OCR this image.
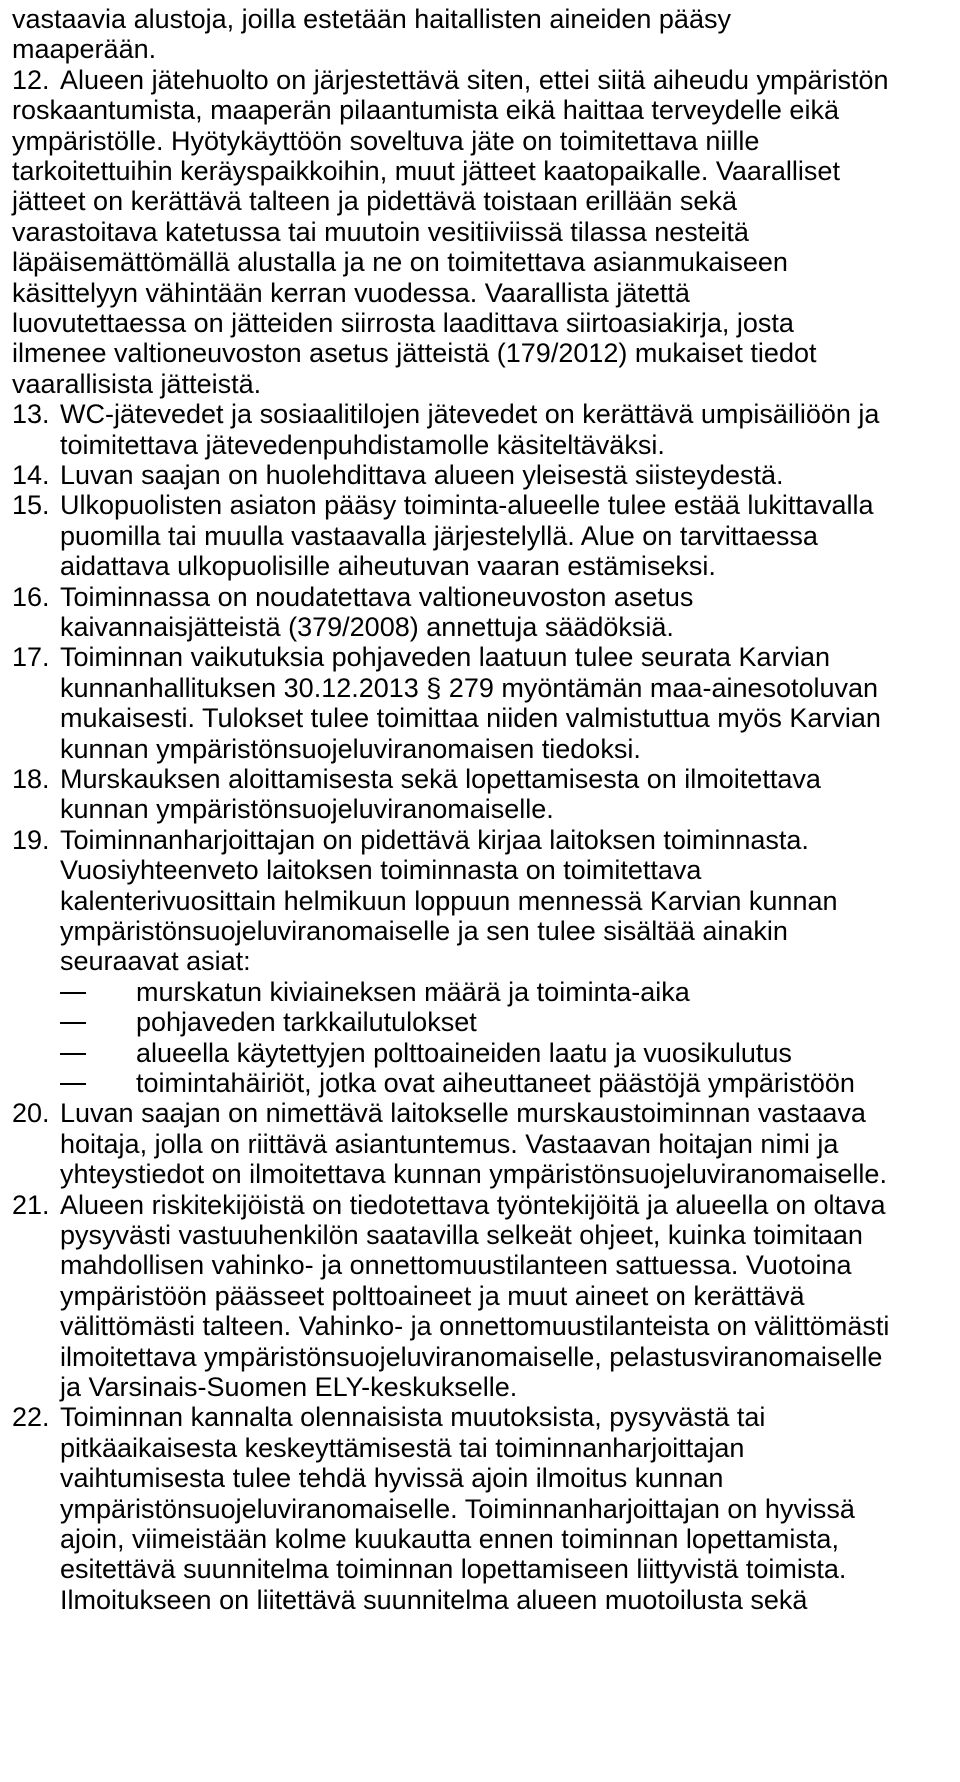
vastaavia alustoja, joilla estetään haitallisten aineiden pääsy
maaperään.
12. Alueen jätehuolto on järjestettävä siten, ettei siitä aiheudu ympäristön
roskaantumista, maaperän pilaantumista eikä haittaa terveydelle eikä
ympäristölle. Hyötykäyttöön soveltuva jäte on toimitettava niille
tarkoitettuihin keräyspaikkoihin, muut jätteet kaatopaikalle. Vaaralliset
jätteet on kerättävä talteen ja pidettävä toistaan erillään sekä
varastoitava katetussa tai muutoin vesitiiviissä tilassa nesteitä
läpäisemättömällä alustalla ja ne on toimitettava asianmukaiseen
käsittelyyn vähintään kerran vuodessa. Vaarallista jätettä
luovutettaessa on jätteiden siirrosta laadittava siirtoasiakirja, josta
ilmenee valtioneuvoston asetus jätteistä (179/2012) mukaiset tiedot
vaarallisista jätteistä.
13. WC-jätevedet ja sosiaalitilojen jätevedet on kerättävä umpisäiliöön ja
toimitettava jätevedenpuhdistamolle käsiteltäväksi.
14. Luvan saajan on huolehdittava alueen yleisestä siisteydestä.
15. Ulkopuolisten asiaton pääsy toiminta-alueelle tulee estää lukittavalla
puomilla tai muulla vastaavalla järjestelyllä. Alue on tarvittaessa
aidattava ulkopuolisille aiheutuvan vaaran estämiseksi.
16. Toiminnassa on noudatettava valtioneuvoston asetus
kaivannaisjätteistä (379/2008) annettuja säädöksiä.
17. Toiminnan vaikutuksia pohjaveden laatuun tulee seurata Karvian
kunnanhallituksen 30.12.2013 § 279 myöntämän maa-ainesotoluvan
mukaisesti. Tulokset tulee toimittaa niiden valmistuttua myös Karvian
kunnan ympäristönsuojeluviranomaisen tiedoksi.
18. Murskauksen aloittamisesta sekä lopettamisesta on ilmoitettava
kunnan ympäristönsuojeluviranomaiselle.
19. Toiminnanharjoittajan on pidettävä kirjaa laitoksen toiminnasta.
Vuosiyhteenveto laitoksen toiminnasta on toimitettava
kalenterivuosittain helmikuun loppuun mennessä Karvian kunnan
ympäristönsuojeluviranomaiselle ja sen tulee sisältää ainakin
seuraavat asiat:
murskatun kiviaineksen määrä ja toiminta-aika
pohjaveden tarkkailutulokset
alueella käytettyjen polttoaineiden laatu ja vuosikulutus
toimintahäiriöt, jotka ovat aiheuttaneet päästöjä ympäristöön
20. Luvan saajan on nimettävä laitokselle murskaustoiminnan vastaava
hoitaja, jolla on riittävä asiantuntemus. Vastaavan hoitajan nimi ja
yhteystiedot on ilmoitettava kunnan ympäristönsuojeluviranomaiselle.
21. Alueen riskitekijöistä on tiedotettava työntekijöitä ja alueella on oltava
pysyvästi vastuuhenkilön saatavilla selkeät ohjeet, kuinka toimitaan
mahdollisen vahinko- ja onnettomuustilanteen sattuessa. Vuotoina
ympäristöön päässeet polttoaineet ja muut aineet on kerättävä
välittömästi talteen. Vahinko- ja onnettomuustilanteista on välittömästi
ilmoitettava ympäristönsuojeluviranomaiselle, pelastusviranomaiselle
ja Varsinais-Suomen ELY-keskukselle.
22. Toiminnan kannalta olennaisista muutoksista, pysyvästä tai
pitkäaikaisesta keskeyttämisestä tai toiminnanharjoittajan
vaihtumisesta tulee tehdä hyvissä ajoin ilmoitus kunnan
ympäristönsuojeluviranomaiselle. Toiminnanharjoittajan on hyvissä
ajoin, viimeistään kolme kuukautta ennen toiminnan lopettamista,
esitettävä suunnitelma toiminnan lopettamiseen liittyvistä toimista.
Ilmoitukseen on liitettävä suunnitelma alueen muotoilusta sekä
